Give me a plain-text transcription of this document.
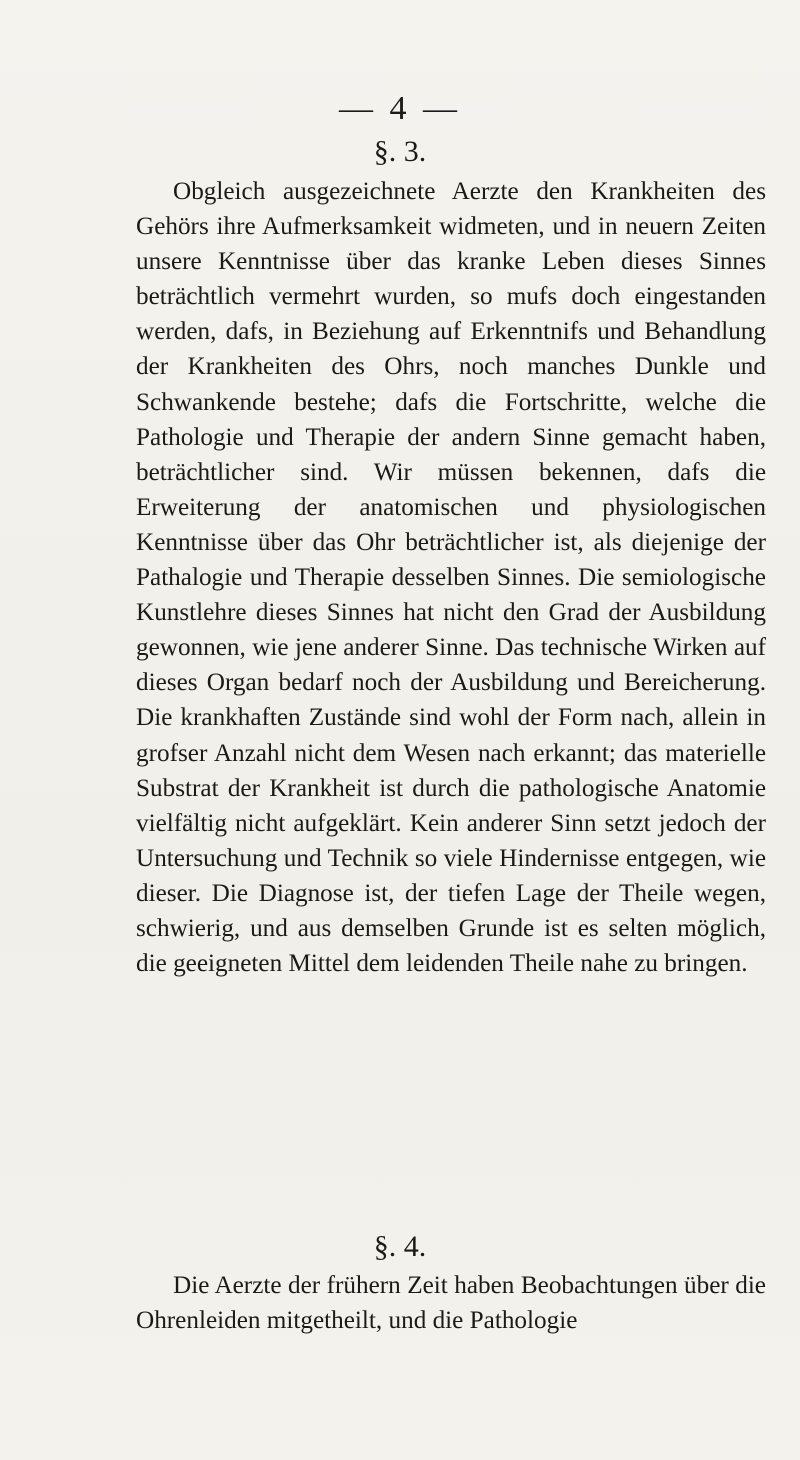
— 4 —
§. 3.

Obgleich ausgezeichnete Aerzte den Krankheiten des Gehörs ihre Aufmerksamkeit widmeten, und in neuern Zeiten unsere Kenntnisse über das kranke Leben dieses Sinnes beträchtlich vermehrt wurden, so mufs doch eingestanden werden, dafs, in Beziehung auf Erkenntnifs und Behandlung der Krankheiten des Ohrs, noch manches Dunkle und Schwankende bestehe; dafs die Fortschritte, welche die Pathologie und Therapie der andern Sinne gemacht haben, beträchtlicher sind. Wir müssen bekennen, dafs die Erweiterung der anatomischen und physiologischen Kenntnisse über das Ohr beträchtlicher ist, als diejenige der Pathalogie und Therapie desselben Sinnes. Die semiologische Kunstlehre dieses Sinnes hat nicht den Grad der Ausbildung gewonnen, wie jene anderer Sinne. Das technische Wirken auf dieses Organ bedarf noch der Ausbildung und Bereicherung. Die krankhaften Zustände sind wohl der Form nach, allein in grofser Anzahl nicht dem Wesen nach erkannt; das materielle Substrat der Krankheit ist durch die pathologische Anatomie vielfältig nicht aufgeklärt. Kein anderer Sinn setzt jedoch der Untersuchung und Technik so viele Hindernisse entgegen, wie dieser. Die Diagnose ist, der tiefen Lage der Theile wegen, schwierig, und aus demselben Grunde ist es selten möglich, die geeigneten Mittel dem leidenden Theile nahe zu bringen.

§. 4.

Die Aerzte der frühern Zeit haben Beobachtungen über die Ohrenleiden mitgetheilt, und die Pathologie
